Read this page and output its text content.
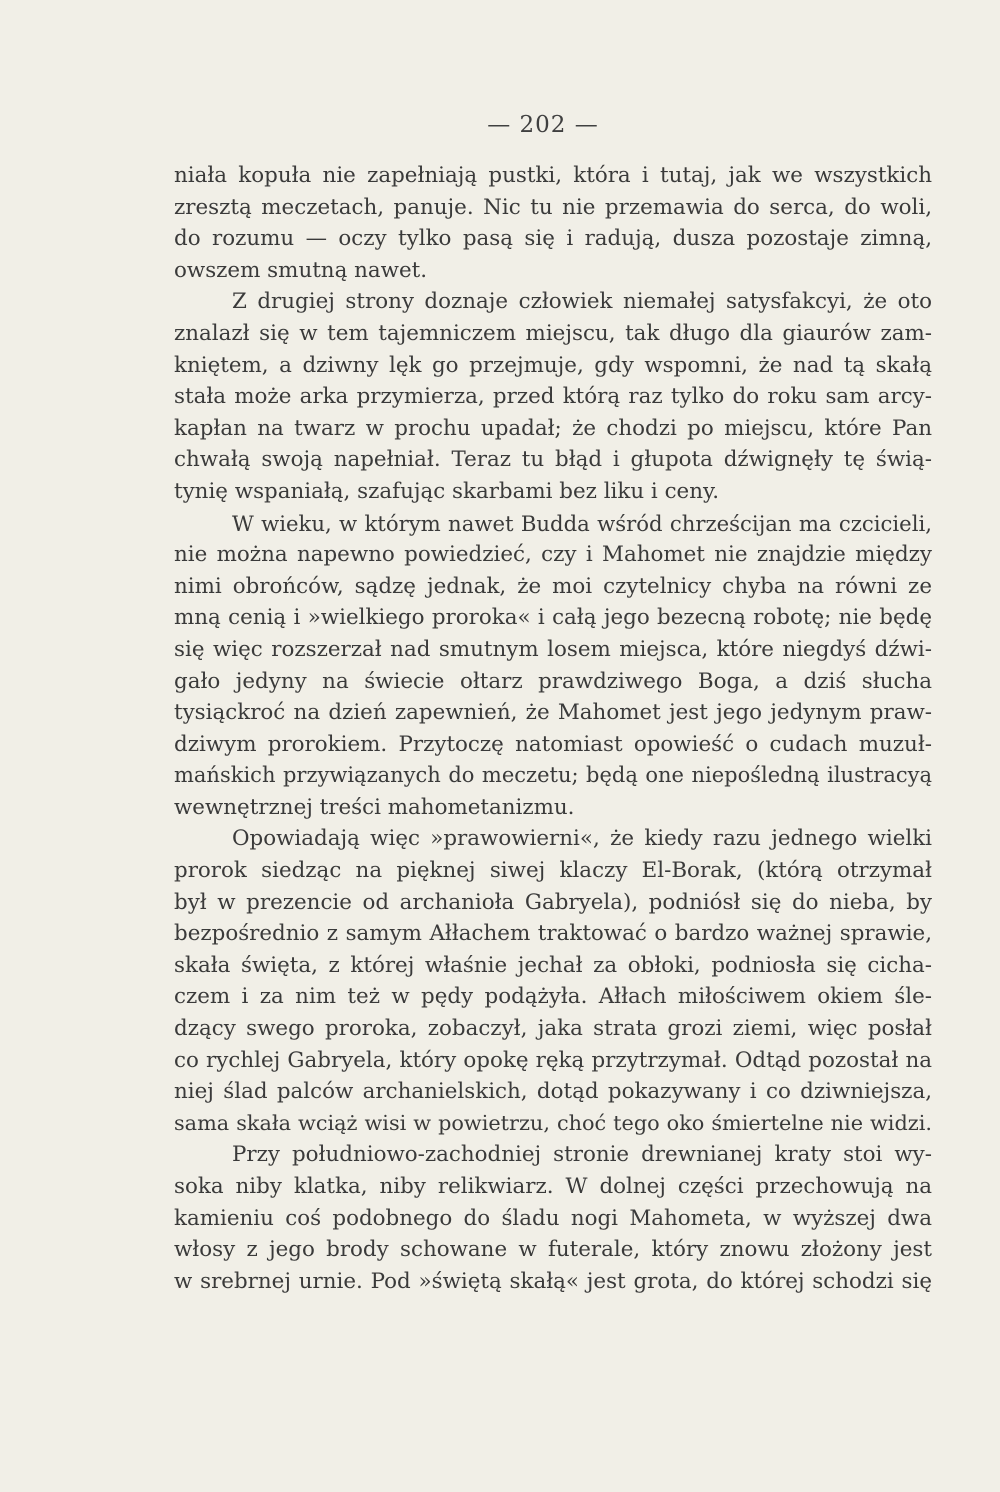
— 202 —
niała kopuła nie zapełniają pustki, która i tutaj, jak we wszystkich
zresztą meczetach, panuje. Nic tu nie przemawia do serca, do woli,
do rozumu — oczy tylko pasą się i radują, dusza pozostaje zimną,
owszem smutną nawet.
Z drugiej strony doznaje człowiek niemałej satysfakcyi, że oto
znalazł się w tem tajemniczem miejscu, tak długo dla giaurów zam-
kniętem, a dziwny lęk go przejmuje, gdy wspomni, że nad tą skałą
stała może arka przymierza, przed którą raz tylko do roku sam arcy-
kapłan na twarz w prochu upadał; że chodzi po miejscu, które Pan
chwałą swoją napełniał. Teraz tu błąd i głupota dźwignęły tę świą-
tynię wspaniałą, szafując skarbami bez liku i ceny.
W wieku, w którym nawet Budda wśród chrześcijan ma czcicieli,
nie można napewno powiedzieć, czy i Mahomet nie znajdzie między
nimi obrońców, sądzę jednak, że moi czytelnicy chyba na równi ze
mną cenią i »wielkiego proroka« i całą jego bezecną robotę; nie będę
się więc rozszerzał nad smutnym losem miejsca, które niegdyś dźwi-
gało jedyny na świecie ołtarz prawdziwego Boga, a dziś słucha
tysiąckroć na dzień zapewnień, że Mahomet jest jego jedynym praw-
dziwym prorokiem. Przytoczę natomiast opowieść o cudach muzuł-
mańskich przywiązanych do meczetu; będą one niepośledną ilustracyą
wewnętrznej treści mahometanizmu.
Opowiadają więc »prawowierni«, że kiedy razu jednego wielki
prorok siedząc na pięknej siwej klaczy El-Borak, (którą otrzymał
był w prezencie od archanioła Gabryela), podniósł się do nieba, by
bezpośrednio z samym Ałłachem traktować o bardzo ważnej sprawie,
skała święta, z której właśnie jechał za obłoki, podniosła się cicha-
czem i za nim też w pędy podążyła. Ałłach miłościwem okiem śle-
dzący swego proroka, zobaczył, jaka strata grozi ziemi, więc posłał
co rychlej Gabryela, który opokę ręką przytrzymał. Odtąd pozostał na
niej ślad palców archanielskich, dotąd pokazywany i co dziwniejsza,
sama skała wciąż wisi w powietrzu, choć tego oko śmiertelne nie widzi.
Przy południowo-zachodniej stronie drewnianej kraty stoi wy-
soka niby klatka, niby relikwiarz. W dolnej części przechowują na
kamieniu coś podobnego do śladu nogi Mahometa, w wyższej dwa
włosy z jego brody schowane w futerale, który znowu złożony jest
w srebrnej urnie. Pod »świętą skałą« jest grota, do której schodzi się
